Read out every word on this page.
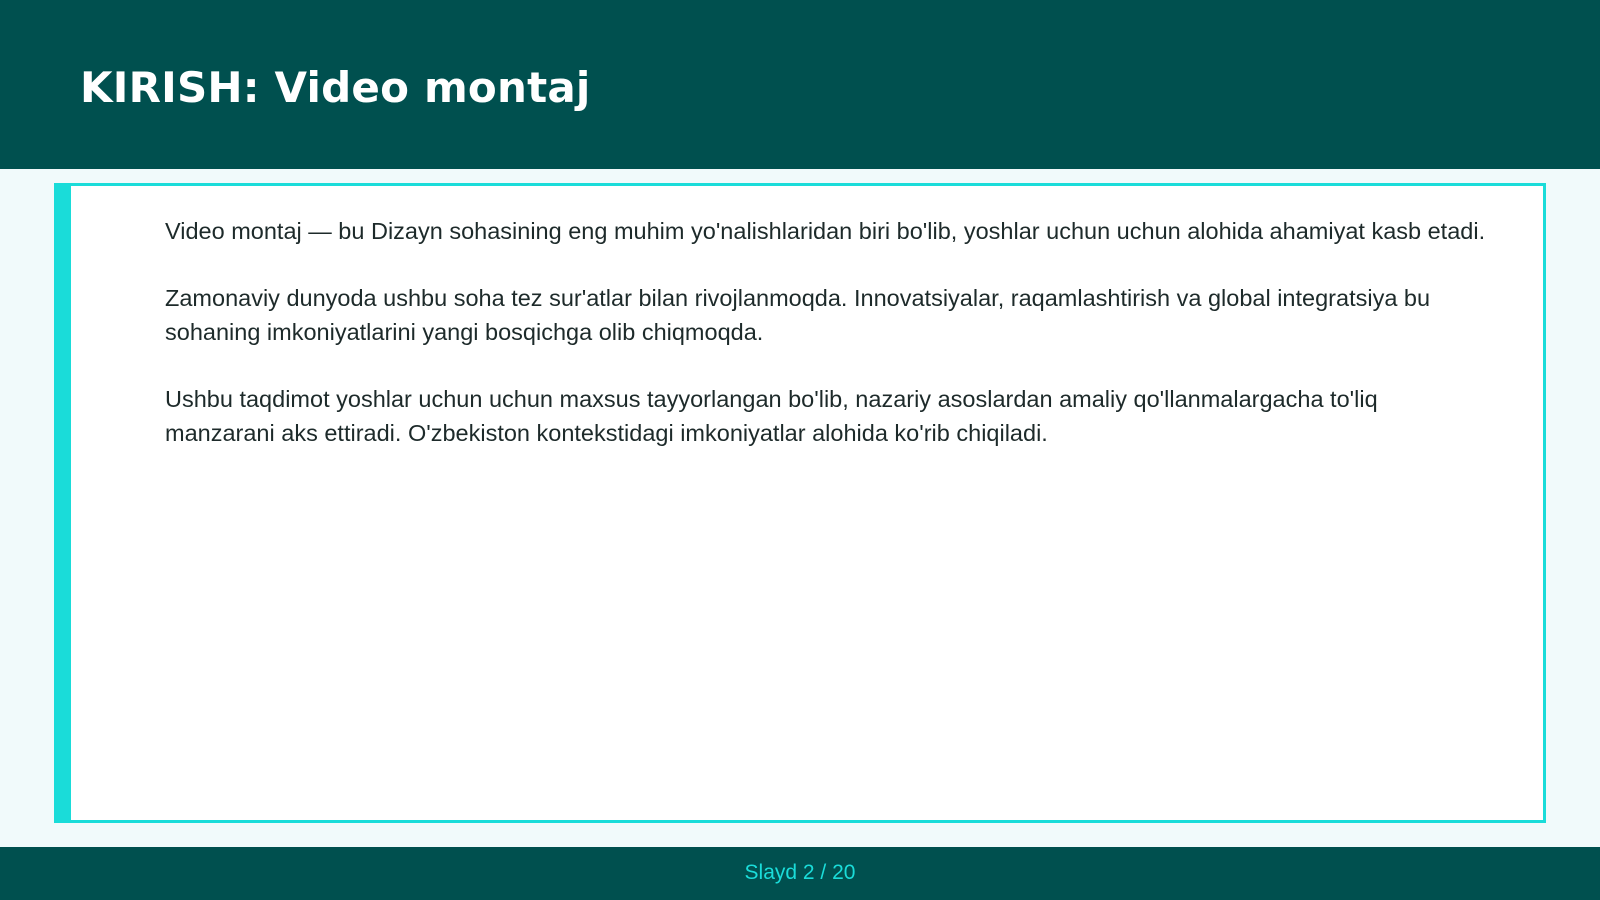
KIRISH: Video montaj

Video montaj — bu Dizayn sohasining eng muhim yo'nalishlaridan biri bo'lib, yoshlar uchun uchun alohida ahamiyat kasb etadi.

Zamonaviy dunyoda ushbu soha tez sur'atlar bilan rivojlanmoqda. Innovatsiyalar, raqamlashtirish va global integratsiya bu sohaning imkoniyatlarini yangi bosqichga olib chiqmoqda.

Ushbu taqdimot yoshlar uchun uchun maxsus tayyorlangan bo'lib, nazariy asoslardan amaliy qo'llanmalargacha to'liq manzarani aks ettiradi. O'zbekiston kontekstidagi imkoniyatlar alohida ko'rib chiqiladi.

Slayd 2 / 20
